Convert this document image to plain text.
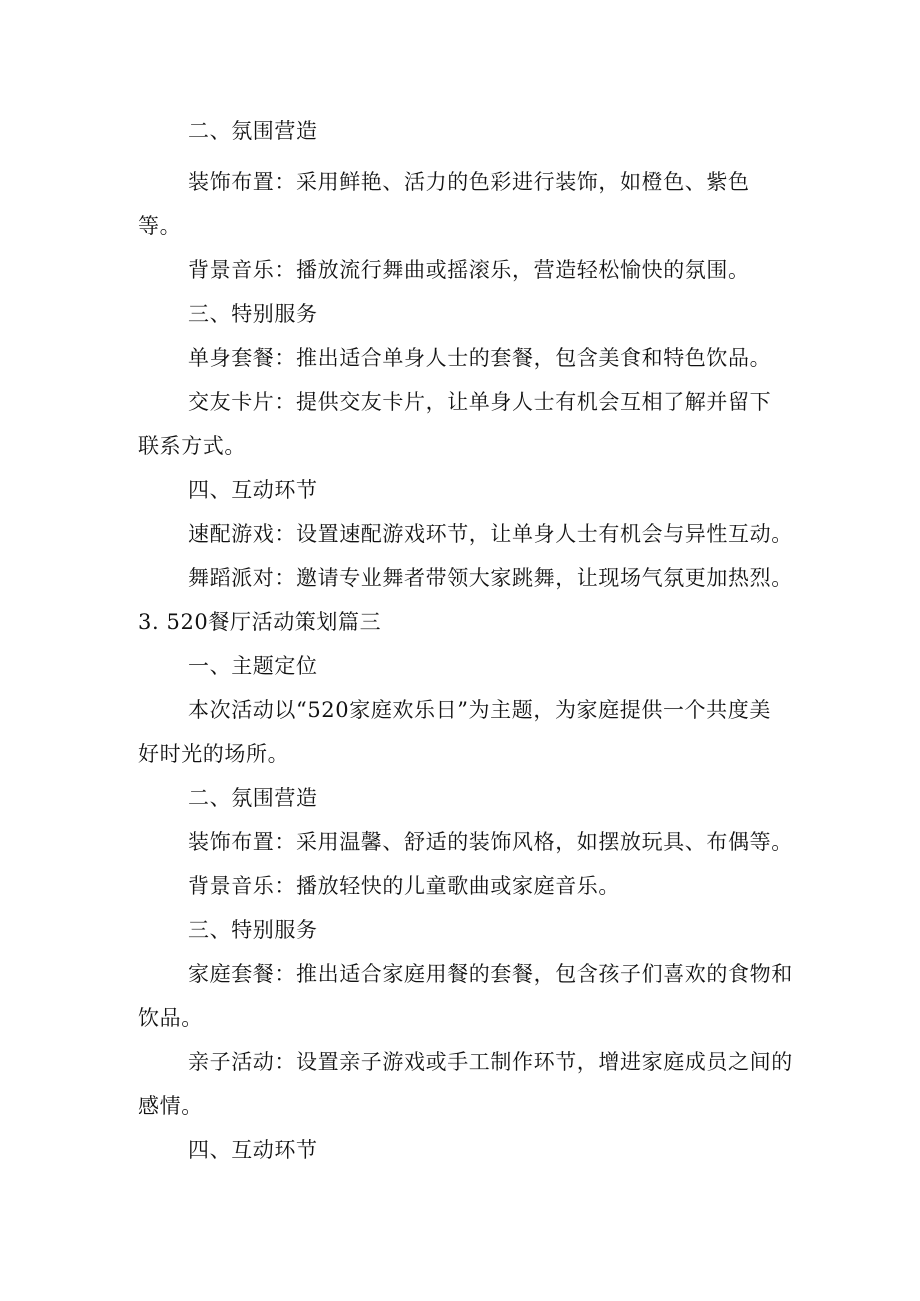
二、氛围营造
装饰布置：采用鲜艳、活力的色彩进行装饰，如橙色、紫色
等。
背景音乐：播放流行舞曲或摇滚乐，营造轻松愉快的氛围。
三、特别服务
单身套餐：推出适合单身人士的套餐，包含美食和特色饮品。
交友卡片：提供交友卡片，让单身人士有机会互相了解并留下
联系方式。
四、互动环节
速配游戏：设置速配游戏环节，让单身人士有机会与异性互动。
舞蹈派对：邀请专业舞者带领大家跳舞，让现场气氛更加热烈。
3. 520餐厅活动策划篇三
一、主题定位
本次活动以“520家庭欢乐日”为主题，为家庭提供一个共度美
好时光的场所。
二、氛围营造
装饰布置：采用温馨、舒适的装饰风格，如摆放玩具、布偶等。
背景音乐：播放轻快的儿童歌曲或家庭音乐。
三、特别服务
家庭套餐：推出适合家庭用餐的套餐，包含孩子们喜欢的食物和
饮品。
亲子活动：设置亲子游戏或手工制作环节，增进家庭成员之间的
感情。
四、互动环节
